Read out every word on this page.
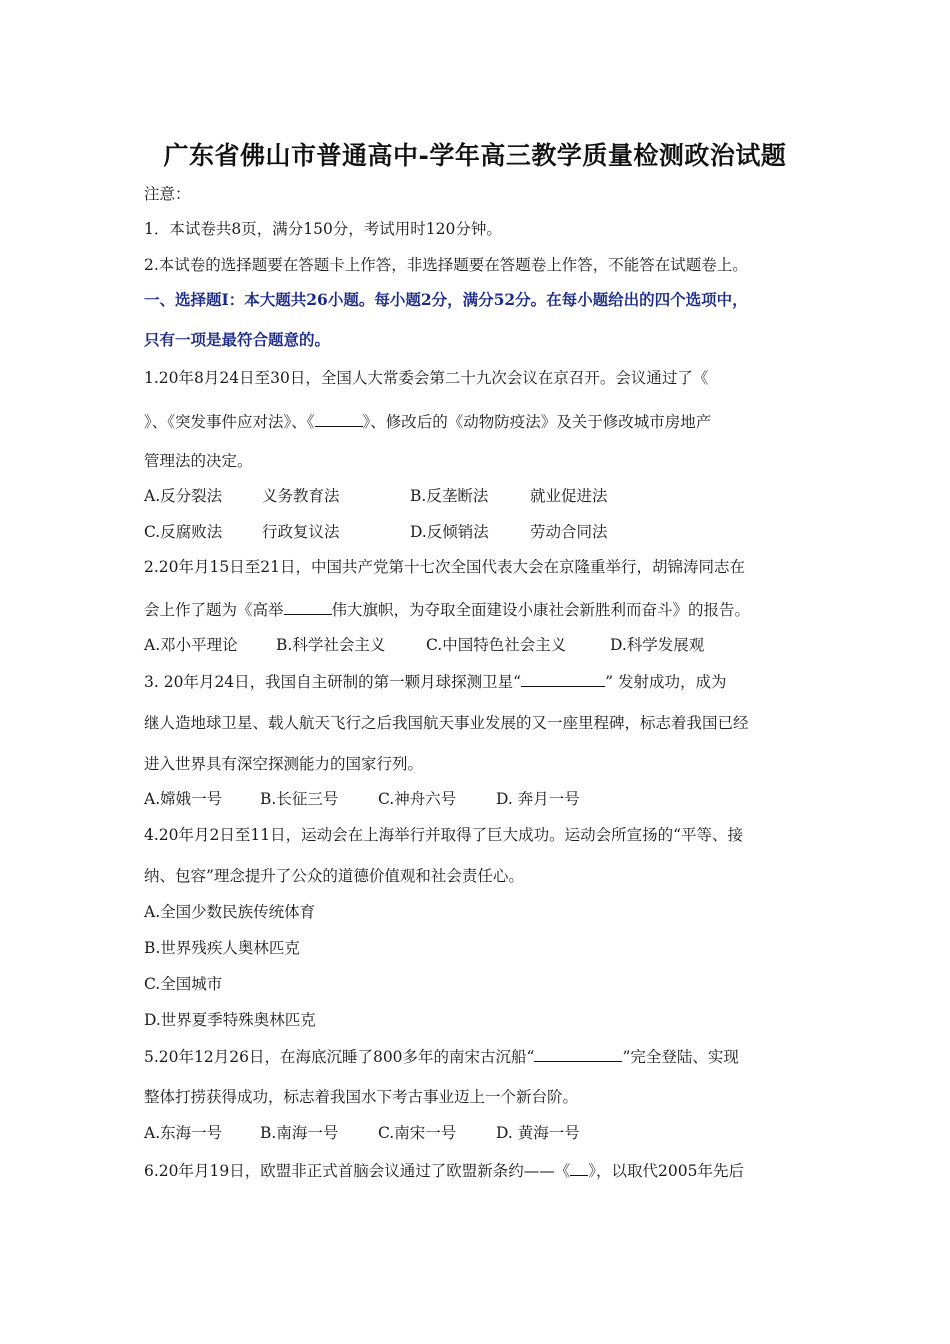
广东省佛山市普通高中-学年高三教学质量检测政治试题
注意：
1．本试卷共8页，满分150分，考试用时120分钟。
2.本试卷的选择题要在答题卡上作答，非选择题要在答题卷上作答，不能答在试题卷上。
一、选择题Ⅰ：本大题共26小题。每小题2分，满分52分。在每小题给出的四个选项中，
只有一项是最符合题意的。
1.20年8月24日至30日，全国人大常委会第二十九次会议在京召开。会议通过了《
》、《突发事件应对法》、《	》、修改后的《动物防疫法》及关于修改城市房地产
管理法的决定。
A.反分裂法	义务教育法	B.反垄断法	就业促进法
C.反腐败法	行政复议法	D.反倾销法	劳动合同法
2.20年月15日至21日，中国共产党第十七次全国代表大会在京隆重举行，胡锦涛同志在
会上作了题为《高举	伟大旗帜，为夺取全面建设小康社会新胜利而奋斗》的报告。
A.邓小平理论 B.科学社会主义	C.中国特色社会主义	D.科学发展观
3. 20年月24日，我国自主研制的第一颗月球探测卫星“	” 发射成功，成为
继人造地球卫星、载人航天飞行之后我国航天事业发展的又一座里程碑，标志着我国已经
进入世界具有深空探测能力的国家行列。
A.嫦娥一号 B.长征三号	C.神舟六号	D. 奔月一号
4.20年月2日至11日，运动会在上海举行并取得了巨大成功。运动会所宣扬的“平等、接
纳、包容”理念提升了公众的道德价值观和社会责任心。
A.全国少数民族传统体育
B.世界残疾人奥林匹克
C.全国城市
D.世界夏季特殊奥林匹克
5.20年12月26日，在海底沉睡了800多年的南宋古沉船“	”完全登陆、实现
整体打捞获得成功，标志着我国水下考古事业迈上一个新台阶。
A.东海一号 B.南海一号	C.南宋一号	D. 黄海一号
6.20年月19日，欧盟非正式首脑会议通过了欧盟新条约——《 》，以取代2005年先后
